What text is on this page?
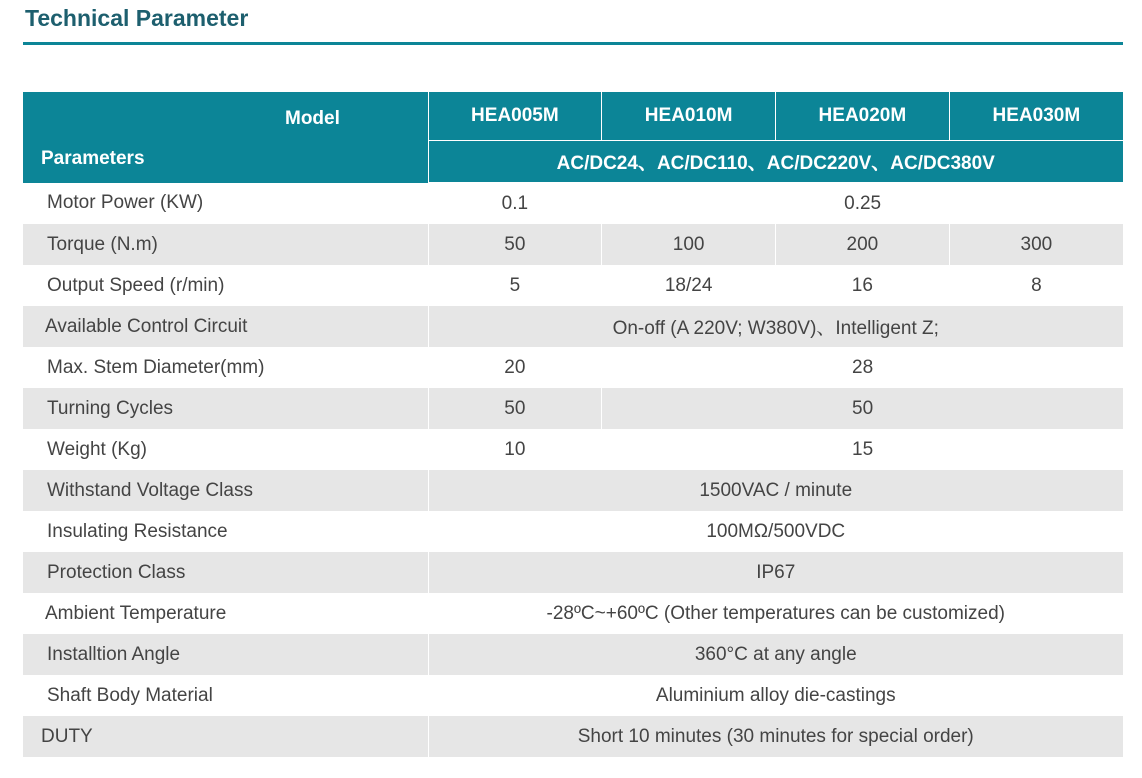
Technical Parameter
Model
Parameters	HEA005M	HEA010M	HEA020M	HEA030M
	AC/DC24、AC/DC110、AC/DC220V、AC/DC380V			
Motor Power (KW)	0.1	0.25		
Torque (N.m)	50	100	200	300
Output Speed (r/min)	5	18/24	16	8
Available Control Circuit	On-off (A 220V; W380V)、Intelligent Z;			
Max. Stem Diameter(mm)	20	28		
Turning Cycles	50	50		
Weight (Kg)	10	15		
Withstand Voltage Class	1500VAC / minute			
Insulating Resistance	100MΩ/500VDC			
Protection Class	IP67			
Ambient Temperature	-28ºC~+60ºC (Other temperatures can be customized)			
Installtion Angle	360°C at any angle			
Shaft Body Material	Aluminium alloy die-castings			
DUTY	Short 10 minutes (30 minutes for special order)			
